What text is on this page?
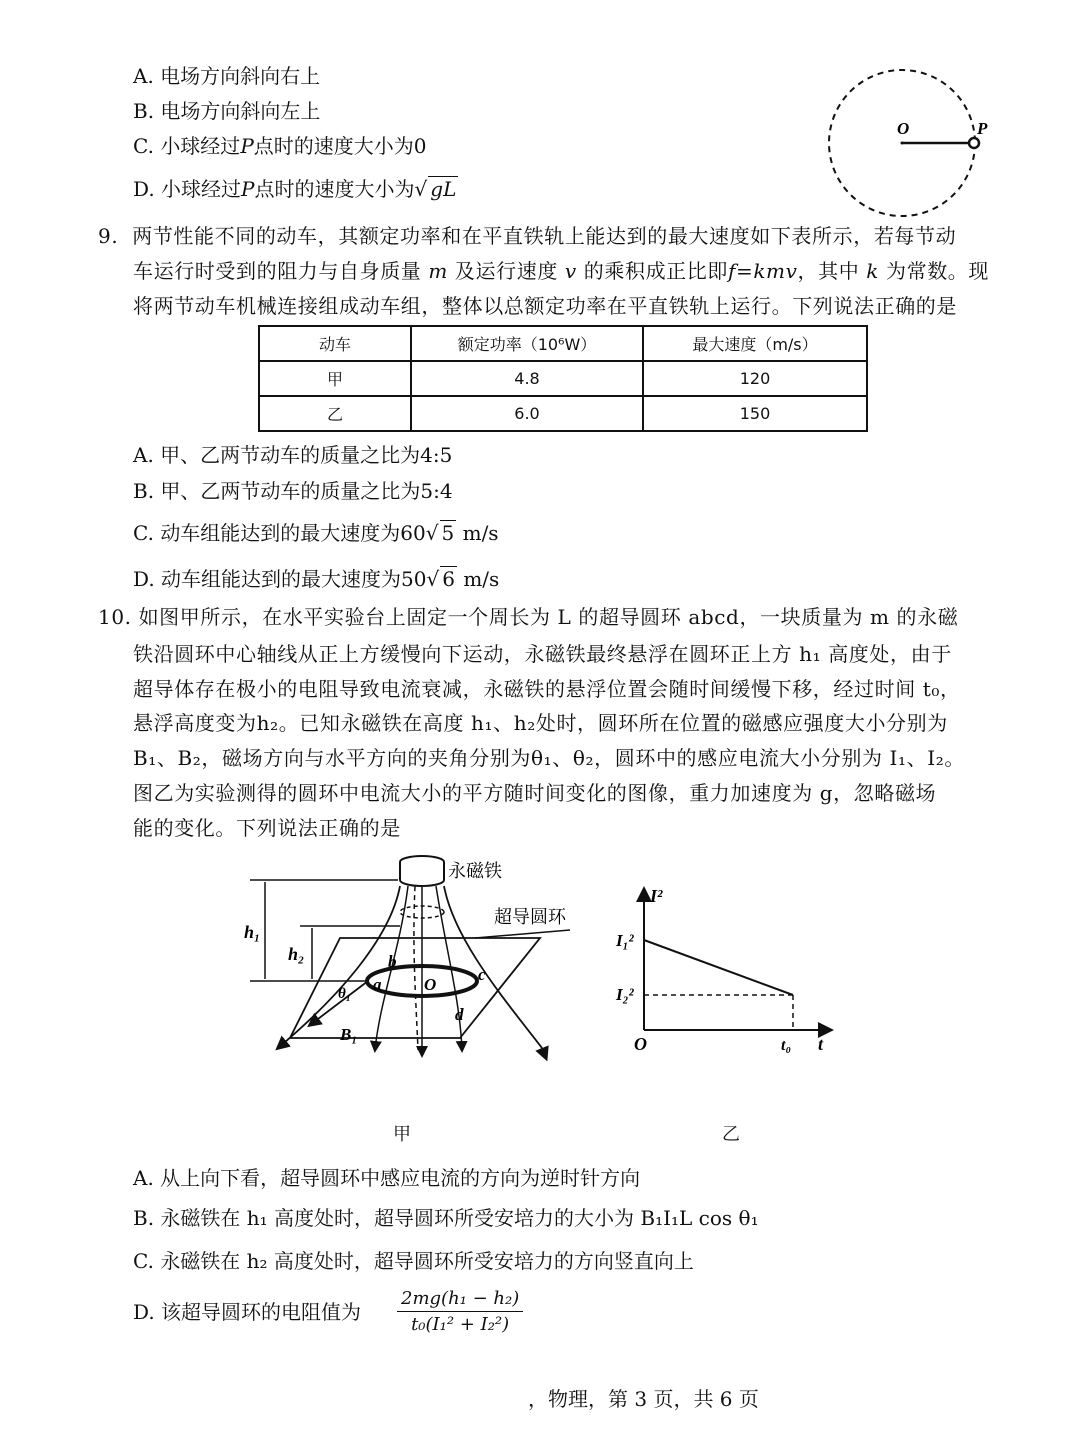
A. 电场方向斜向右上
B. 电场方向斜向左上
C. 小球经过P点时的速度大小为0
D. 小球经过P点时的速度大小为√ gL
O	P
9. 两节性能不同的动车，其额定功率和在平直铁轨上能达到的最大速度如下表所示，若每节动
车运行时受到的阻力与自身质量 m 及运行速度 v 的乘积成正比即f=kmv，其中 k 为常数。现
将两节动车机械连接组成动车组，整体以总额定功率在平直铁轨上运行。下列说法正确的是
动车	额定功率（10⁶W）	最大速度（m/s）
甲	4.8	120
乙	6.0	150
A. 甲、乙两节动车的质量之比为4:5
B. 甲、乙两节动车的质量之比为5:4
C. 动车组能达到的最大速度为60√ 5 m/s
D. 动车组能达到的最大速度为50√ 6 m/s
10. 如图甲所示，在水平实验台上固定一个周长为 L 的超导圆环 abcd，一块质量为 m 的永磁
铁沿圆环中心轴线从正上方缓慢向下运动，永磁铁最终悬浮在圆环正上方 h₁ 高度处，由于
超导体存在极小的电阻导致电流衰减，永磁铁的悬浮位置会随时间缓慢下移，经过时间 t₀，
悬浮高度变为h₂。已知永磁铁在高度 h₁、h₂处时，圆环所在位置的磁感应强度大小分别为
B₁、B₂，磁场方向与水平方向的夹角分别为θ₁、θ₂，圆环中的感应电流大小分别为 I₁、I₂。
图乙为实验测得的圆环中电流大小的平方随时间变化的图像，重力加速度为 g，忽略磁场
能的变化。下列说法正确的是
永磁铁
h₁
h₂
超导圆环
a
b
c
d
O
θ₁
B₁
甲
I²
I₁²
I₂²
O	t₀ t
乙
A. 从上向下看，超导圆环中感应电流的方向为逆时针方向
B. 永磁铁在 h₁ 高度处时，超导圆环所受安培力的大小为 B₁I₁L cos θ₁
C. 永磁铁在 h₂ 高度处时，超导圆环所受安培力的方向竖直向上
D. 该超导圆环的电阻值为 $\frac{\text{2mg(h₁ − h₂)}}{\text{t₀(I₁² + I₂²)}}$
，物理，第 3 页，共 6 页
